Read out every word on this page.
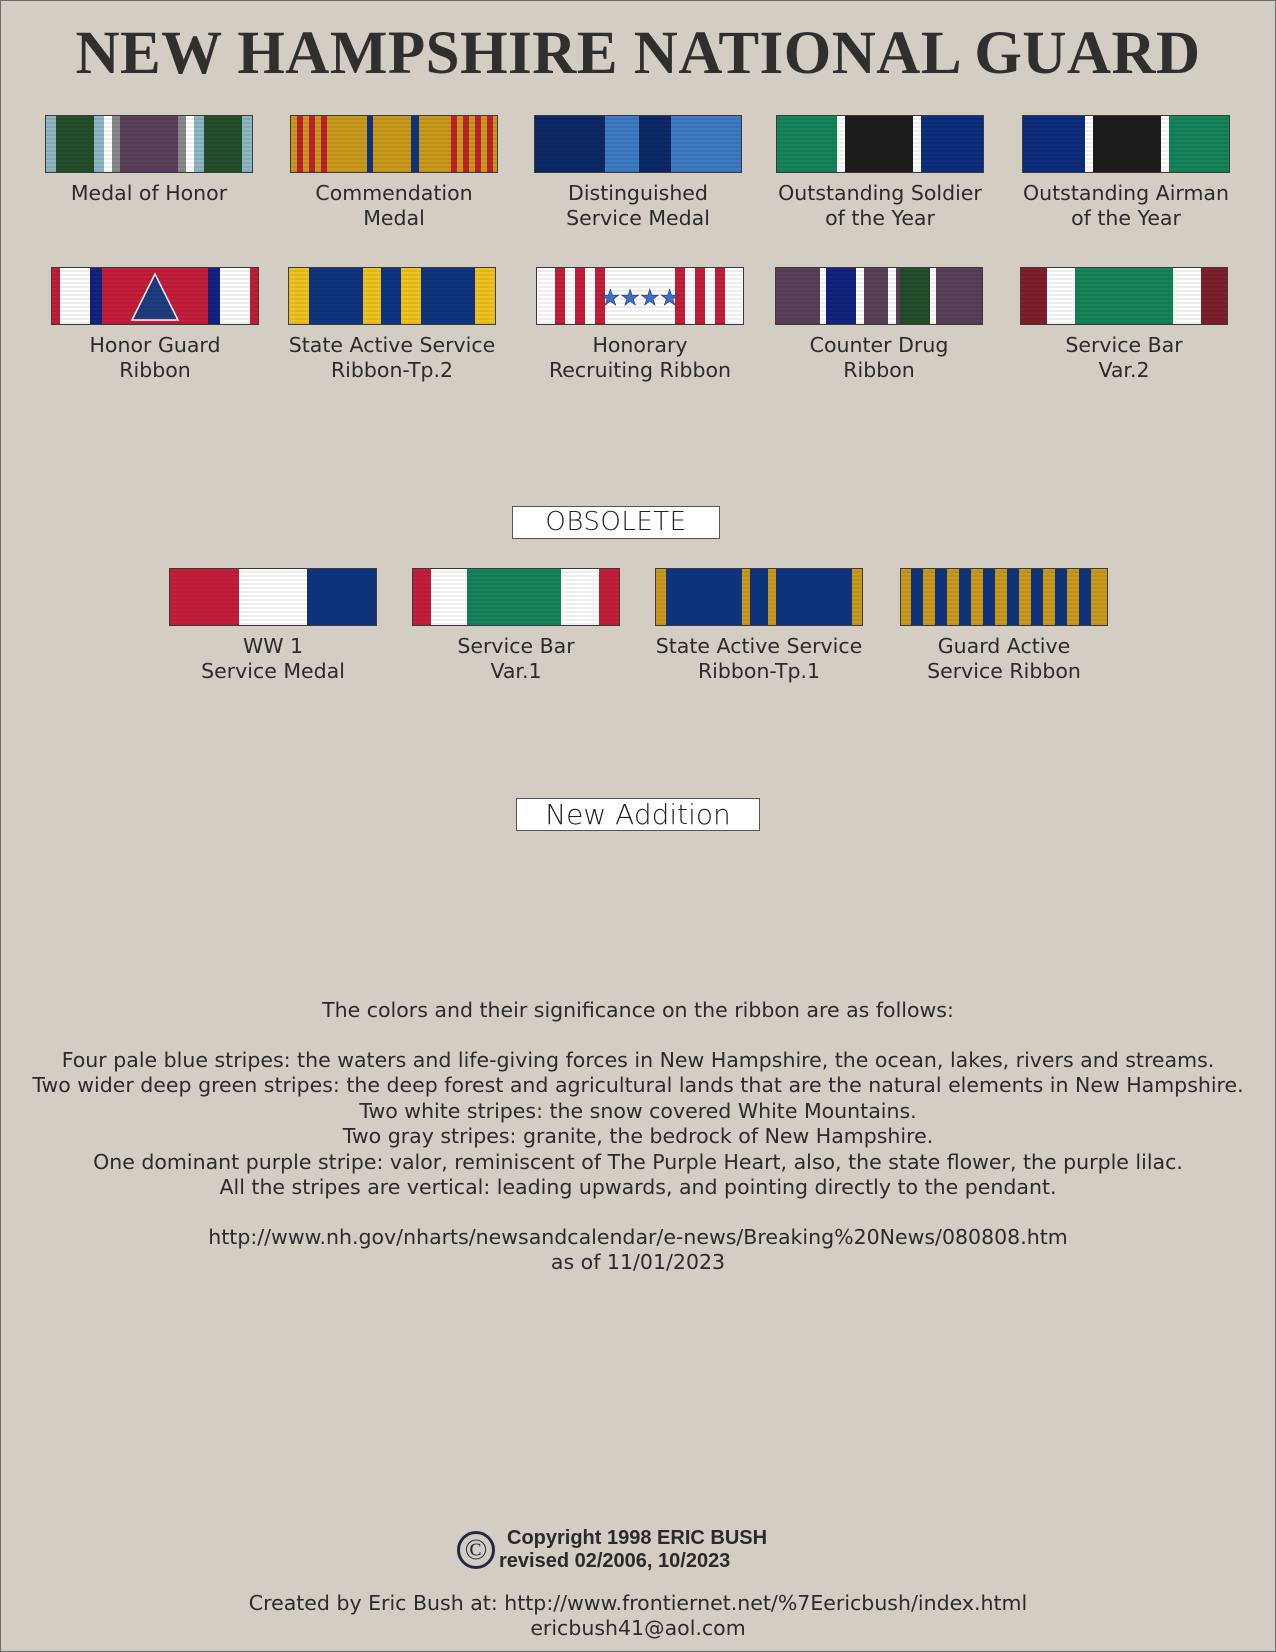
NEW HAMPSHIRE NATIONAL GUARD
Medal of Honor	Commendation
Medal
Distinguished
Service Medal
Outstanding Soldier
of the Year
Outstanding Airman
of the Year
Honor Guard
Ribbon
State Active Service
Ribbon-Tp.2
★★★★
Honorary
Recruiting Ribbon
Counter Drug
Ribbon
Service Bar
Var.2
OBSOLETE
WW 1
Service Medal
Service Bar
Var.1
State Active Service
Ribbon-Tp.1
Guard Active
Service Ribbon
New Addition
The colors and their significance on the ribbon are as follows:
Four pale blue stripes: the waters and life-giving forces in New Hampshire, the ocean, lakes, rivers and streams.
Two wider deep green stripes: the deep forest and agricultural lands that are the natural elements in New Hampshire.
Two white stripes: the snow covered White Mountains.
Two gray stripes: granite, the bedrock of New Hampshire.
One dominant purple stripe: valor, reminiscent of The Purple Heart, also, the state flower, the purple lilac.
All the stripes are vertical: leading upwards, and pointing directly to the pendant.
http://www.nh.gov/nharts/newsandcalendar/e-news/Breaking%20News/080808.htm
as of 11/01/2023
© Copyright 1998 ERIC BUSH
revised 02/2006, 10/2023
Created by Eric Bush at: http://www.frontiernet.net/%7Eericbush/index.html
ericbush41@aol.com
